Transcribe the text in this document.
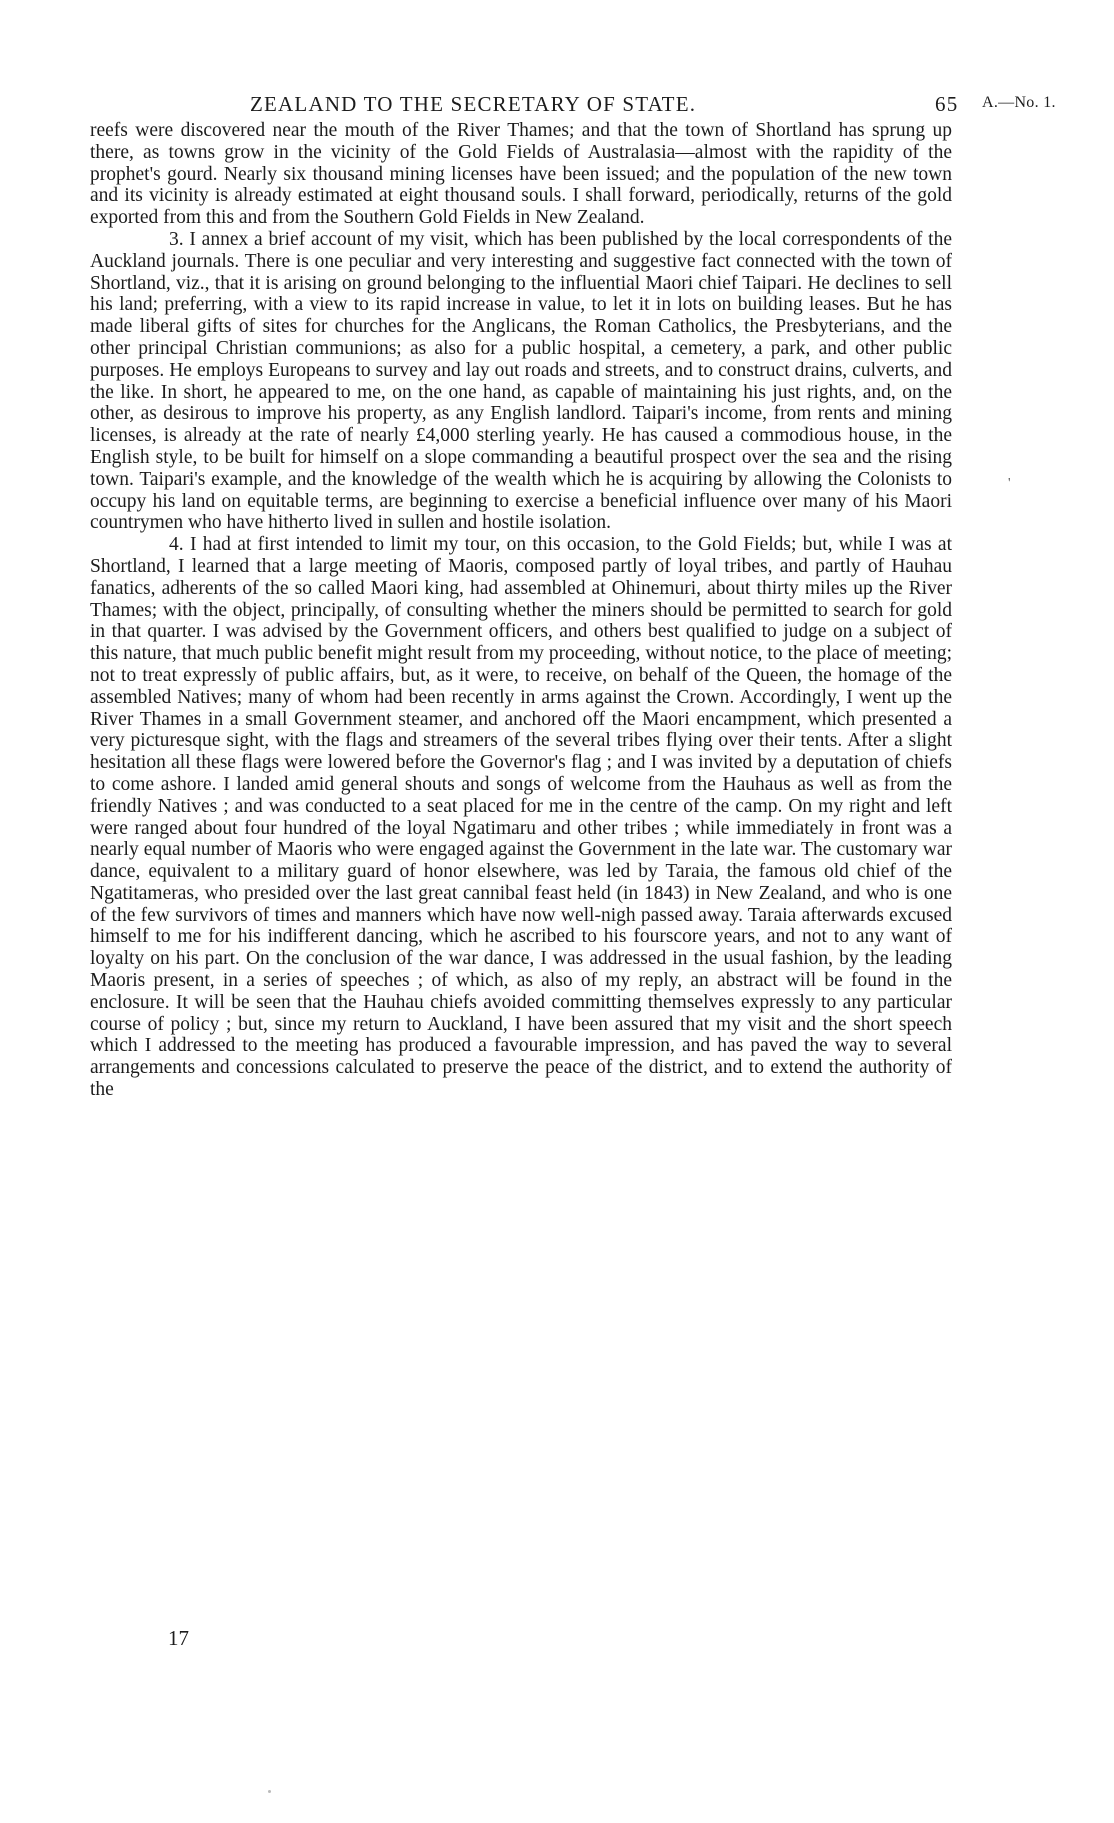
ZEALAND TO THE SECRETARY OF STATE.	65 A.—No. 1.

reefs were discovered near the mouth of the River Thames; and that the town of Shortland has sprung up there, as towns grow in the vicinity of the Gold Fields of Australasia—almost with the rapidity of the prophet's gourd. Nearly six thousand mining licenses have been issued; and the population of the new town and its vicinity is already estimated at eight thousand souls. I shall forward, periodically, returns of the gold exported from this and from the Southern Gold Fields in New Zealand.

3. I annex a brief account of my visit, which has been published by the local correspondents of the Auckland journals. There is one peculiar and very interesting and suggestive fact connected with the town of Shortland, viz., that it is arising on ground belonging to the influential Maori chief Taipari. He declines to sell his land; preferring, with a view to its rapid increase in value, to let it in lots on building leases. But he has made liberal gifts of sites for churches for the Anglicans, the Roman Catholics, the Presbyterians, and the other principal Christian communions; as also for a public hospital, a cemetery, a park, and other public purposes. He employs Europeans to survey and lay out roads and streets, and to construct drains, culverts, and the like. In short, he appeared to me, on the one hand, as capable of maintaining his just rights, and, on the other, as desirous to improve his property, as any English landlord. Taipari's income, from rents and mining licenses, is already at the rate of nearly £4,000 sterling yearly. He has caused a commodious house, in the English style, to be built for himself on a slope commanding a beautiful prospect over the sea and the rising town. Taipari's example, and the knowledge of the wealth which he is acquiring by allowing the Colonists to occupy his land on equitable terms, are beginning to exercise a beneficial influence over many of his Maori countrymen who have hitherto lived in sullen and hostile isolation.

4. I had at first intended to limit my tour, on this occasion, to the Gold Fields; but, while I was at Shortland, I learned that a large meeting of Maoris, composed partly of loyal tribes, and partly of Hauhau fanatics, adherents of the so called Maori king, had assembled at Ohinemuri, about thirty miles up the River Thames; with the object, principally, of consulting whether the miners should be permitted to search for gold in that quarter. I was advised by the Government officers, and others best qualified to judge on a subject of this nature, that much public benefit might result from my proceeding, without notice, to the place of meeting; not to treat expressly of public affairs, but, as it were, to receive, on behalf of the Queen, the homage of the assembled Natives; many of whom had been recently in arms against the Crown. Accordingly, I went up the River Thames in a small Government steamer, and anchored off the Maori encampment, which presented a very picturesque sight, with the flags and streamers of the several tribes flying over their tents. After a slight hesitation all these flags were lowered before the Governor's flag ; and I was invited by a deputation of chiefs to come ashore. I landed amid general shouts and songs of welcome from the Hauhaus as well as from the friendly Natives ; and was conducted to a seat placed for me in the centre of the camp. On my right and left were ranged about four hundred of the loyal Ngatimaru and other tribes ; while immediately in front was a nearly equal number of Maoris who were engaged against the Government in the late war. The customary war dance, equivalent to a military guard of honor elsewhere, was led by Taraia, the famous old chief of the Ngatitameras, who presided over the last great cannibal feast held (in 1843) in New Zealand, and who is one of the few survivors of times and manners which have now well-nigh passed away. Taraia afterwards excused himself to me for his indifferent dancing, which he ascribed to his fourscore years, and not to any want of loyalty on his part. On the conclusion of the war dance, I was addressed in the usual fashion, by the leading Maoris present, in a series of speeches ; of which, as also of my reply, an abstract will be found in the enclosure. It will be seen that the Hauhau chiefs avoided committing themselves expressly to any particular course of policy ; but, since my return to Auckland, I have been assured that my visit and the short speech which I addressed to the meeting has produced a favourable impression, and has paved the way to several arrangements and concessions calculated to preserve the peace of the district, and to extend the authority of the

'
17
